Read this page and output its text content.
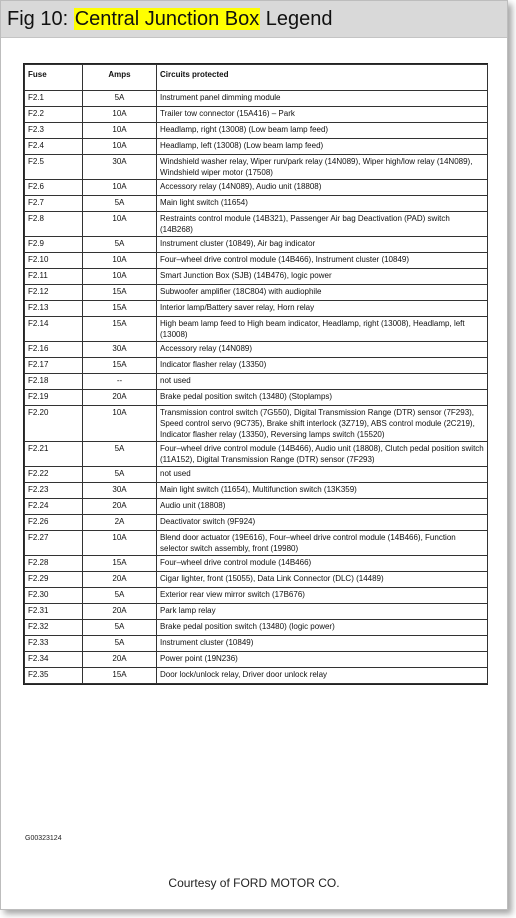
Fig 10: Central Junction Box Legend
Fuse	Amps	Circuits protected
F2.1	5A	Instrument panel dimming module
F2.2	10A	Trailer tow connector (15A416) – Park
F2.3	10A	Headlamp, right (13008) (Low beam lamp feed)
F2.4	10A	Headlamp, left (13008) (Low beam lamp feed)
F2.5	30A	Windshield washer relay, Wiper run/park relay (14N089), Wiper high/low relay (14N089), Windshield wiper motor (17508)
F2.6	10A	Accessory relay (14N089), Audio unit (18808)
F2.7	5A	Main light switch (11654)
F2.8	10A	Restraints control module (14B321), Passenger Air bag Deactivation (PAD) switch (14B268)
F2.9	5A	Instrument cluster (10849), Air bag indicator
F2.10	10A	Four–wheel drive control module (14B466), Instrument cluster (10849)
F2.11	10A	Smart Junction Box (SJB) (14B476), logic power
F2.12	15A	Subwoofer amplifier (18C804) with audiophile
F2.13	15A	Interior lamp/Battery saver relay, Horn relay
F2.14	15A	High beam lamp feed to High beam indicator, Headlamp, right (13008), Headlamp, left (13008)
F2.16	30A	Accessory relay (14N089)
F2.17	15A	Indicator flasher relay (13350)
F2.18	--	not used
F2.19	20A	Brake pedal position switch (13480) (Stoplamps)
F2.20	10A	Transmission control switch (7G550), Digital Transmission Range (DTR) sensor (7F293), Speed control servo (9C735), Brake shift interlock (3Z719), ABS control module (2C219), Indicator flasher relay (13350), Reversing lamps switch (15520)
F2.21	5A	Four–wheel drive control module (14B466), Audio unit (18808), Clutch pedal position switch (11A152), Digital Transmission Range (DTR) sensor (7F293)
F2.22	5A	not used
F2.23	30A	Main light switch (11654), Multifunction switch (13K359)
F2.24	20A	Audio unit (18808)
F2.26	2A	Deactivator switch (9F924)
F2.27	10A	Blend door actuator (19E616), Four–wheel drive control module (14B466), Function selector switch assembly, front (19980)
F2.28	15A	Four–wheel drive control module (14B466)
F2.29	20A	Cigar lighter, front (15055), Data Link Connector (DLC) (14489)
F2.30	5A	Exterior rear view mirror switch (17B676)
F2.31	20A	Park lamp relay
F2.32	5A	Brake pedal position switch (13480) (logic power)
F2.33	5A	Instrument cluster (10849)
F2.34	20A	Power point (19N236)
F2.35	15A	Door lock/unlock relay, Driver door unlock relay
G00323124
Courtesy of FORD MOTOR CO.
